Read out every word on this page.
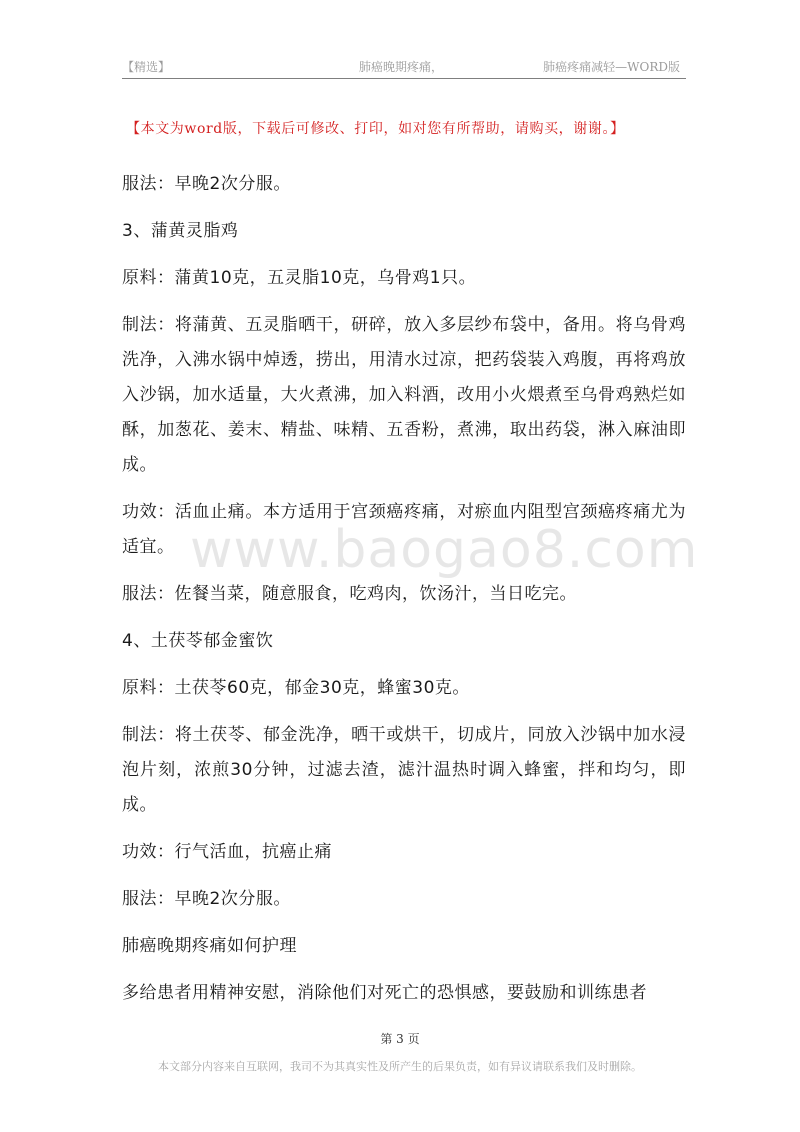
【精选】	肺癌晚期疼痛，	肺癌疼痛减轻—WORD版
【本文为word版，下载后可修改、打印，如对您有所帮助，请购买，谢谢。】

服法：早晚2次分服。

3、蒲黄灵脂鸡

原料：蒲黄10克，五灵脂10克，乌骨鸡1只。

制法：将蒲黄、五灵脂晒干，研碎，放入多层纱布袋中，备用。将乌骨鸡洗净，入沸水锅中焯透，捞出，用清水过凉，把药袋装入鸡腹，再将鸡放入沙锅，加水适量，大火煮沸，加入料酒，改用小火煨煮至乌骨鸡熟烂如酥，加葱花、姜末、精盐、味精、五香粉，煮沸，取出药袋，淋入麻油即成。

功效：活血止痛。本方适用于宫颈癌疼痛，对瘀血内阻型宫颈癌疼痛尤为适宜。

服法：佐餐当菜，随意服食，吃鸡肉，饮汤汁，当日吃完。

4、土茯苓郁金蜜饮

原料：土茯苓60克，郁金30克，蜂蜜30克。

制法：将土茯苓、郁金洗净，晒干或烘干，切成片，同放入沙锅中加水浸泡片刻，浓煎30分钟，过滤去渣，滤汁温热时调入蜂蜜，拌和均匀，即成。

功效：行气活血，抗癌止痛

服法：早晚2次分服。

肺癌晚期疼痛如何护理

多给患者用精神安慰，消除他们对死亡的恐惧感，要鼓励和训练患者

www.baogao8.com
第 3 页
本文部分内容来自互联网，我司不为其真实性及所产生的后果负责，如有异议请联系我们及时删除。
